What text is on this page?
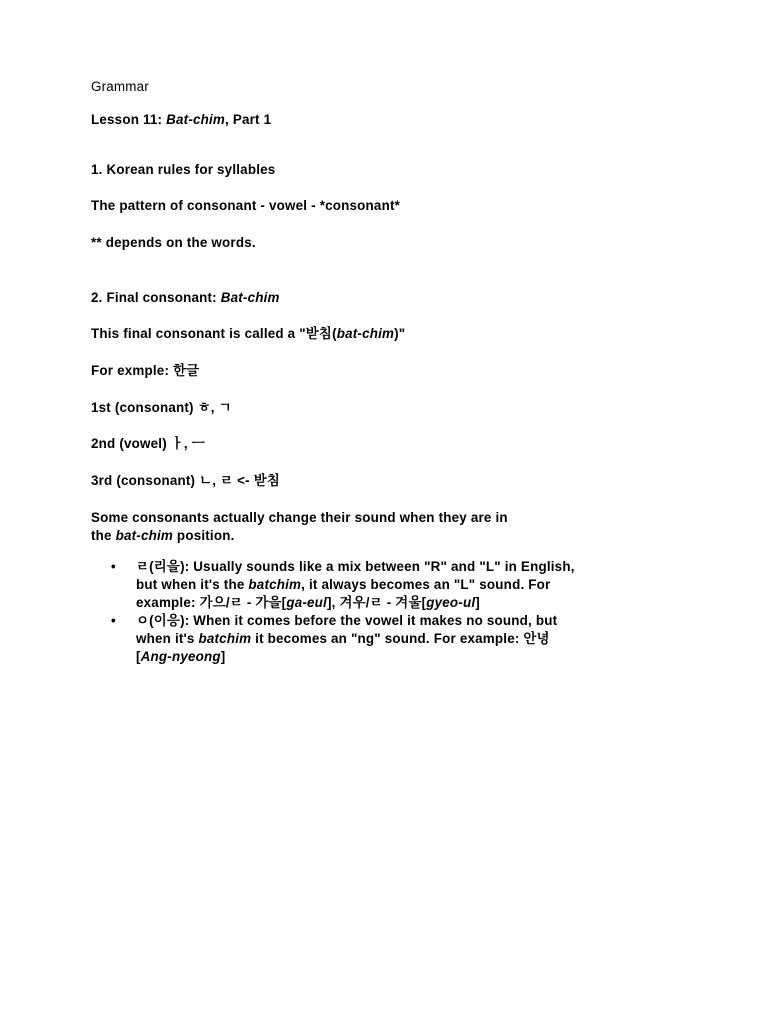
Grammar
Lesson 11: Bat-chim, Part 1
1. Korean rules for syllables
The pattern of consonant - vowel - *consonant*
** depends on the words.
2. Final consonant: Bat-chim
This final consonant is called a "받침(bat-chim)"
For exmple: 한글
1st (consonant) ㅎ, ㄱ
2nd (vowel) ㅏ, ㅡ
3rd (consonant) ㄴ, ㄹ <- 받침
Some consonants actually change their sound when they are in
the bat-chim position.
• ㄹ(리을): Usually sounds like a mix between "R" and "L" in English,
but when it's the batchim, it always becomes an "L" sound. For
example: 가으/ㄹ - 가을[ga-eul], 겨우/ㄹ - 겨울[gyeo-ul]
• ㅇ(이응): When it comes before the vowel it makes no sound, but
when it's batchim it becomes an "ng" sound. For example: 안녕
[Ang-nyeong]
